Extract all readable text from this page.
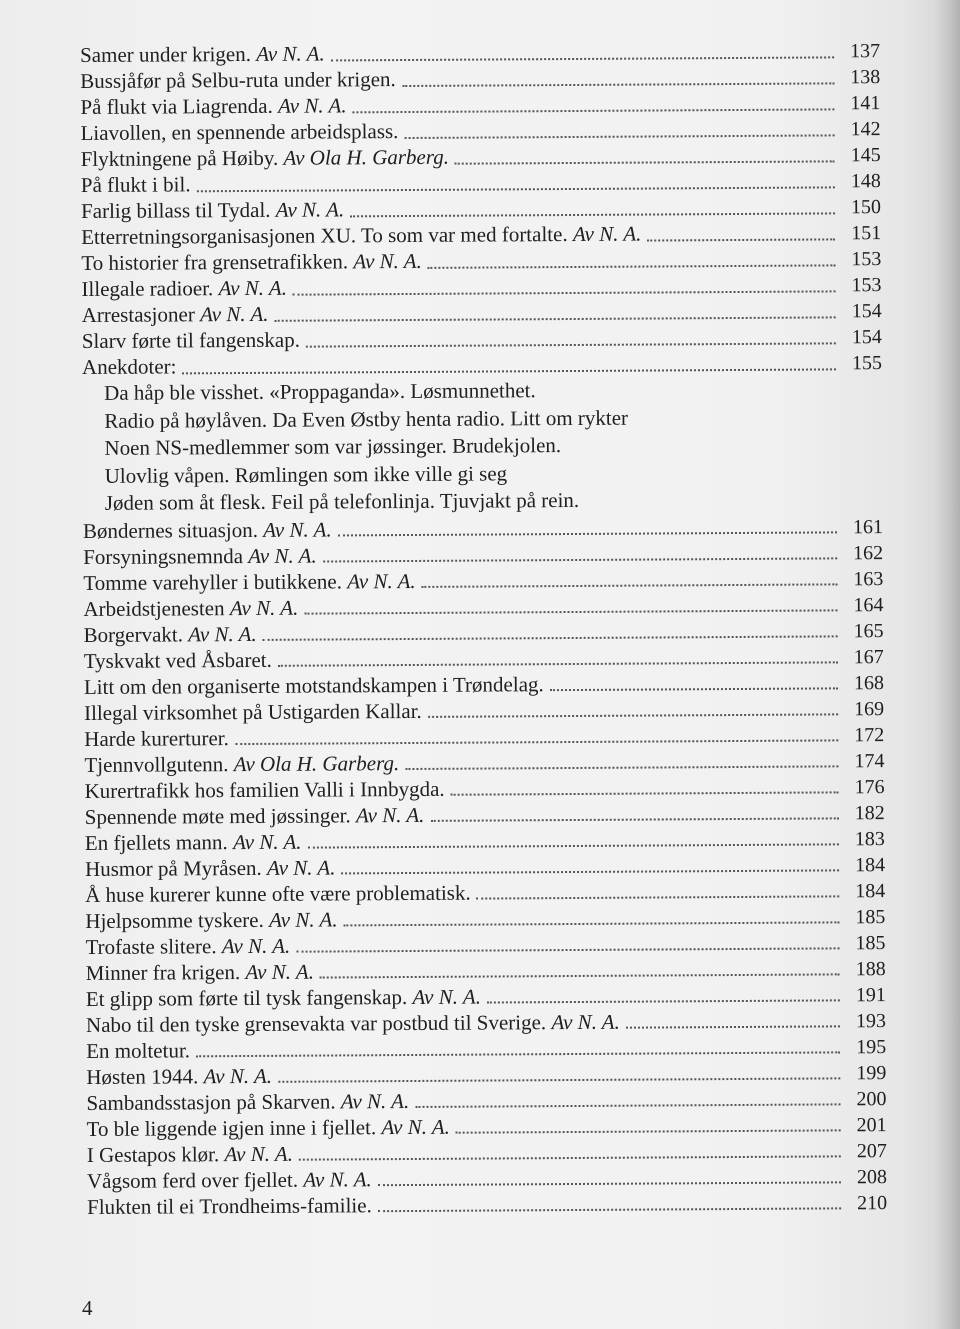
Samer under krigen. Av N. A.	137
Bussjåfør på Selbu-ruta under krigen.	138
På flukt via Liagrenda. Av N. A.	141
Liavollen, en spennende arbeidsplass.	142
Flyktningene på Høiby. Av Ola H. Garberg.	145
På flukt i bil.	148
Farlig billass til Tydal. Av N. A.	150
Etterretningsorganisasjonen XU. To som var med fortalte. Av N. A.	151
To historier fra grensetrafikken. Av N. A.	153
Illegale radioer. Av N. A.	153
Arrestasjoner Av N. A.	154
Slarv førte til fangenskap.	154
Anekdoter:	155
Da håp ble visshet. «Proppaganda». Løsmunnethet.
Radio på høylåven. Da Even Østby henta radio. Litt om rykter
Noen NS-medlemmer som var jøssinger. Brudekjolen.
Ulovlig våpen. Rømlingen som ikke ville gi seg
Jøden som åt flesk. Feil på telefonlinja. Tjuvjakt på rein.
Bøndernes situasjon. Av N. A.	161
Forsyningsnemnda Av N. A.	162
Tomme varehyller i butikkene. Av N. A.	163
Arbeidstjenesten Av N. A.	164
Borgervakt. Av N. A.	165
Tyskvakt ved Åsbaret.	167
Litt om den organiserte motstandskampen i Trøndelag.	168
Illegal virksomhet på Ustigarden Kallar.	169
Harde kurerturer.	172
Tjennvollgutenn. Av Ola H. Garberg.	174
Kurertrafikk hos familien Valli i Innbygda.	176
Spennende møte med jøssinger. Av N. A.	182
En fjellets mann. Av N. A.	183
Husmor på Myråsen. Av N. A.	184
Å huse kurerer kunne ofte være problematisk.	184
Hjelpsomme tyskere. Av N. A.	185
Trofaste slitere. Av N. A.	185
Minner fra krigen. Av N. A.	188
Et glipp som førte til tysk fangenskap. Av N. A.	191
Nabo til den tyske grensevakta var postbud til Sverige. Av N. A.	193
En moltetur.	195
Høsten 1944. Av N. A.	199
Sambandsstasjon på Skarven. Av N. A.	200
To ble liggende igjen inne i fjellet. Av N. A.	201
I Gestapos klør. Av N. A.	207
Vågsom ferd over fjellet. Av N. A.	208
Flukten til ei Trondheims-familie.	210
4
